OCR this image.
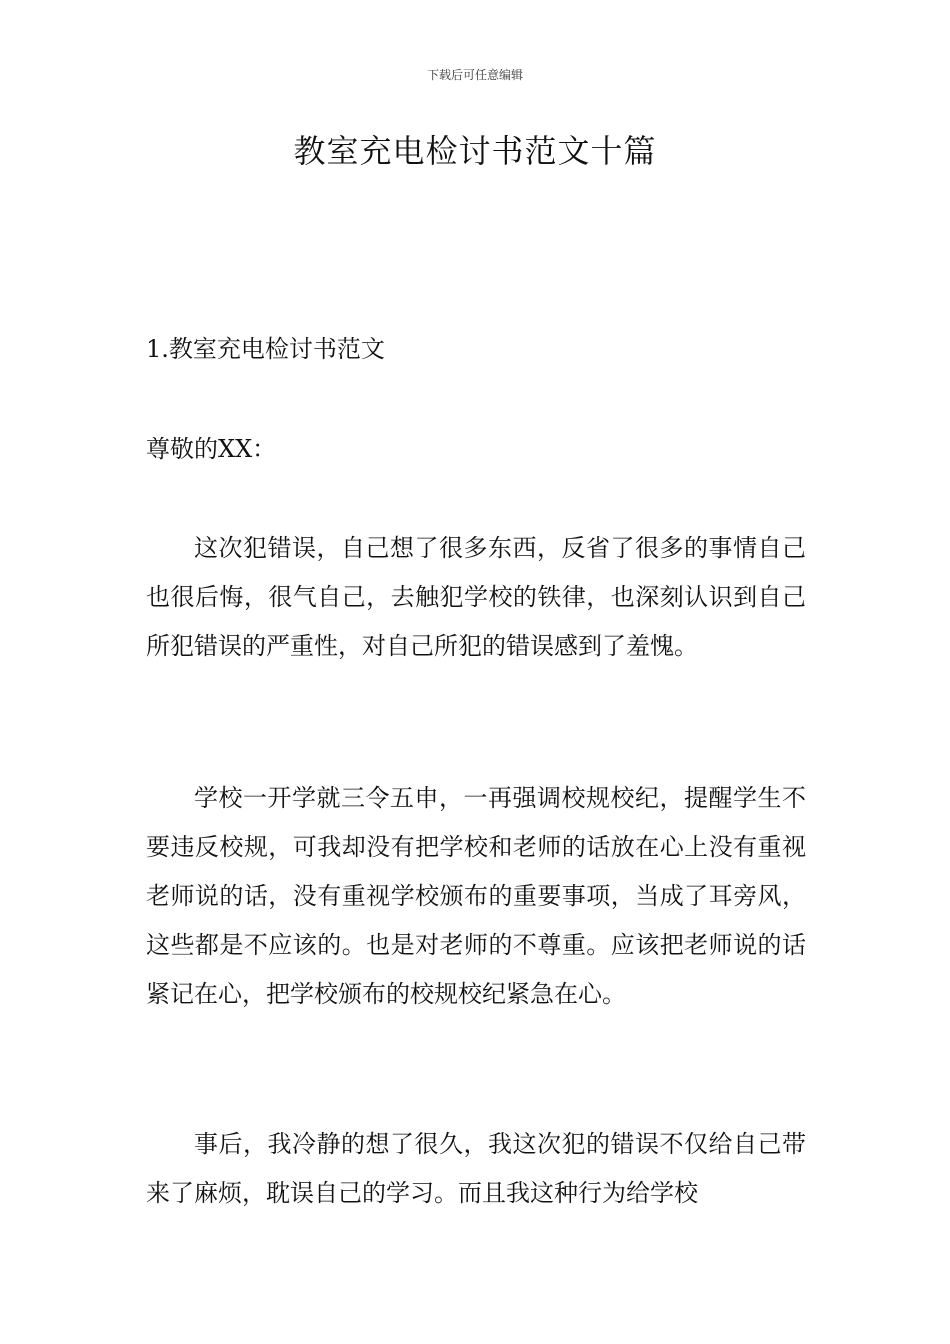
下载后可任意编辑
教室充电检讨书范文十篇

1.教室充电检讨书范文

尊敬的XX：

这次犯错误，自己想了很多东西，反省了很多的事情自己也很后悔，很气自己，去触犯学校的铁律，也深刻认识到自己所犯错误的严重性，对自己所犯的错误感到了羞愧。

学校一开学就三令五申，一再强调校规校纪，提醒学生不要违反校规，可我却没有把学校和老师的话放在心上没有重视老师说的话，没有重视学校颁布的重要事项，当成了耳旁风，这些都是不应该的。也是对老师的不尊重。应该把老师说的话紧记在心，把学校颁布的校规校纪紧急在心。

事后，我冷静的想了很久，我这次犯的错误不仅给自己带来了麻烦，耽误自己的学习。而且我这种行为给学校
